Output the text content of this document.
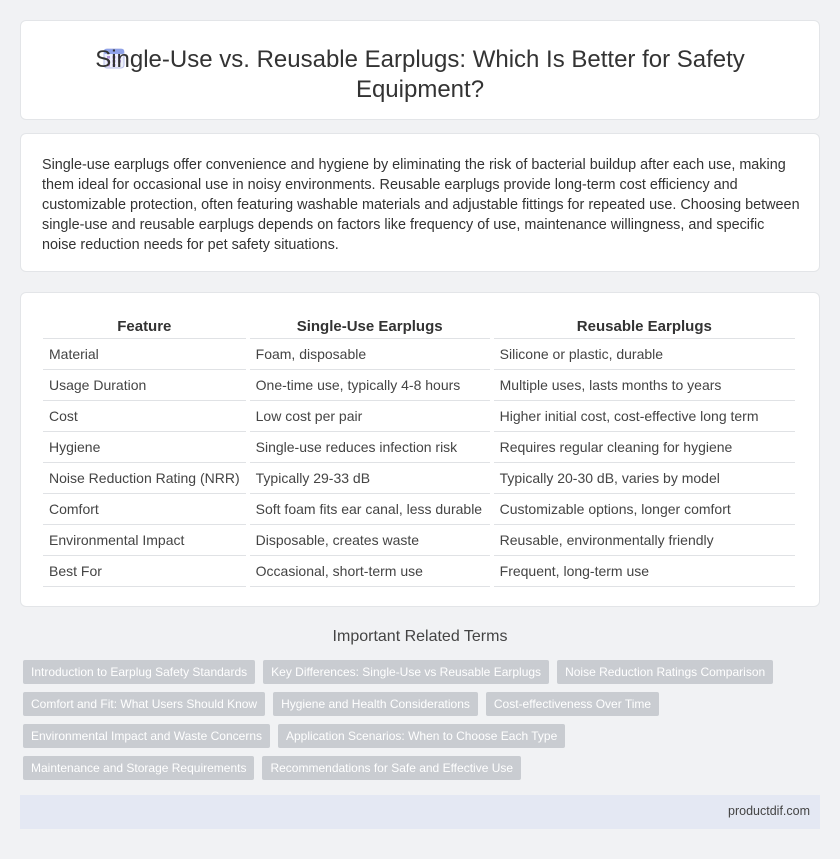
Single-Use vs. Reusable Earplugs: Which Is Better for Safety Equipment?

Single-use earplugs offer convenience and hygiene by eliminating the risk of bacterial buildup after each use, making them ideal for occasional use in noisy environments. Reusable earplugs provide long-term cost efficiency and customizable protection, often featuring washable materials and adjustable fittings for repeated use. Choosing between single-use and reusable earplugs depends on factors like frequency of use, maintenance willingness, and specific noise reduction needs for pet safety situations.

Feature		Single-Use Earplugs		Reusable Earplugs
Material		Foam, disposable		Silicone or plastic, durable
Usage Duration		One-time use, typically 4-8 hours		Multiple uses, lasts months to years
Cost		Low cost per pair		Higher initial cost, cost-effective long term
Hygiene		Single-use reduces infection risk		Requires regular cleaning for hygiene
Noise Reduction Rating (NRR)		Typically 29-33 dB		Typically 20-30 dB, varies by model
Comfort		Soft foam fits ear canal, less durable		Customizable options, longer comfort
Environmental Impact		Disposable, creates waste		Reusable, environmentally friendly
Best For		Occasional, short-term use		Frequent, long-term use
Important Related Terms
Introduction to Earplug Safety Standards	Key Differences: Single-Use vs Reusable Earplugs	Noise Reduction Ratings Comparison
Comfort and Fit: What Users Should Know	Hygiene and Health Considerations	Cost-effectiveness Over Time
Environmental Impact and Waste Concerns	Application Scenarios: When to Choose Each Type
Maintenance and Storage Requirements	Recommendations for Safe and Effective Use
productdif.com
